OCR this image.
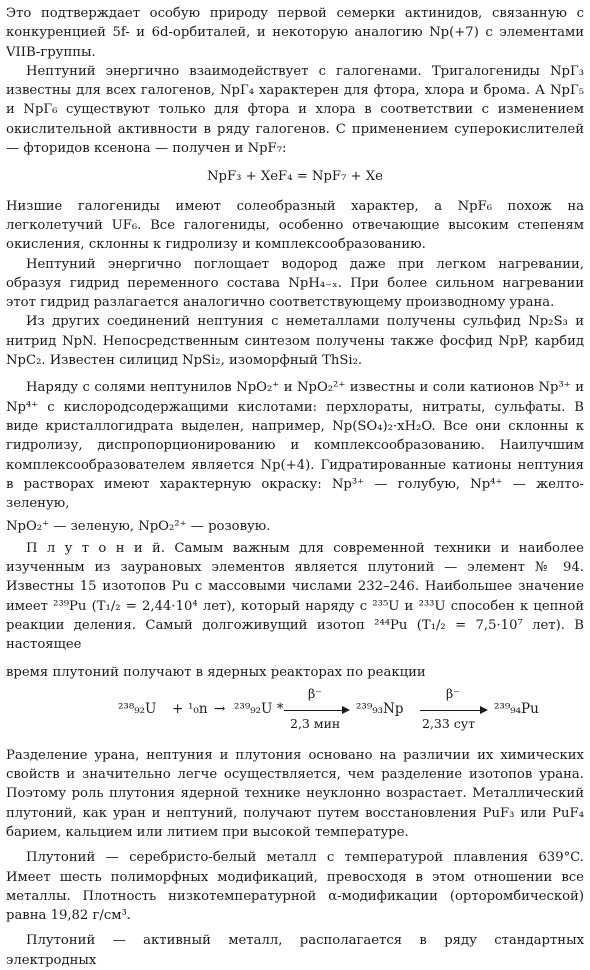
Это подтверждает особую природу первой семерки актинидов, связанную с конкуренцией 5f- и 6d-орбиталей, и некоторую аналогию Np(+7) с элементами VIIB-группы.

Нептуний энергично взаимодействует с галогенами. Тригалогениды NpГ₃ известны для всех галогенов, NpГ₄ характерен для фтора, хлора и брома. А NpГ₅ и NpГ₆ существуют только для фтора и хлора в соответствии с изменением окислительной активности в ряду галогенов. С применением суперокислителей — фторидов ксенона — получен и NpF₇:

NpF₃ + XeF₄ = NpF₇ + Xe

Низшие галогениды имеют солеобразный характер, а NpF₆ похож на легколетучий UF₆. Все галогениды, особенно отвечающие высоким степеням окисления, склонны к гидролизу и комплексообразованию.

Нептуний энергично поглощает водород даже при легком нагревании, образуя гидрид переменного состава NpH₄₋ₓ. При более сильном нагревании этот гидрид разлагается аналогично соответствующему производному урана.

Из других соединений нептуния с неметаллами получены сульфид Np₂S₃ и нитрид NpN. Непосредственным синтезом получены также фосфид NpP, карбид NpC₂. Известен силицид NpSi₂, изоморфный ThSi₂.

Наряду с солями нептунилов NpO₂⁺ и NpO₂²⁺ известны и соли катионов Np³⁺ и Np⁴⁺ с кислородсодержащими кислотами: перхлораты, нитраты, сульфаты. В виде кристаллогидрата выделен, например, Np(SO₄)₂·xH₂O. Все они склонны к гидролизу, диспропорционированию и комплексообразованию. Наилучшим комплексообразователем является Np(+4). Гидратированные катионы нептуния в растворах имеют характерную окраску: Np³⁺ — голубую, Np⁴⁺ — желто-зеленую,

NpO₂⁺ — зеленую, NpO₂²⁺ — розовую.

П л у т о н и й. Самым важным для современной техники и наиболее изученным из заурановых элементов является плутоний — элемент № 94. Известны 15 изотопов Pu с массовыми числами 232–246. Наибольшее значение имеет ²³⁹Pu (T₁/₂ = 2,44·10⁴ лет), который наряду с ²³⁵U и ²³³U способен к цепной реакции деления. Самый долгоживущий изотоп ²⁴⁴Pu (T₁/₂ = 7,5·10⁷ лет). В настоящее

время плутоний получают в ядерных реакторах по реакции

²³⁸₉₂U + ¹₀n → ²³⁹₉₂U *
β⁻
2,3 мин
²³⁹₉₃Np
β⁻
2,33 сут
²³⁹₉₄Pu

Разделение урана, нептуния и плутония основано на различии их химических свойств и значительно легче осуществляется, чем разделение изотопов урана. Поэтому роль плутония ядерной технике неуклонно возрастает. Металлический плутоний, как уран и нептуний, получают путем восстановления PuF₃ или PuF₄ барием, кальцием или литием при высокой температуре.

Плутоний — серебристо-белый металл с температурой плавления 639°C. Имеет шесть полиморфных модификаций, превосходя в этом отношении все металлы. Плотность низкотемпературной α-модификации (орторомбической) равна 19,82 г/см³.

Плутоний — активный металл, располагается в ряду стандартных электродных
